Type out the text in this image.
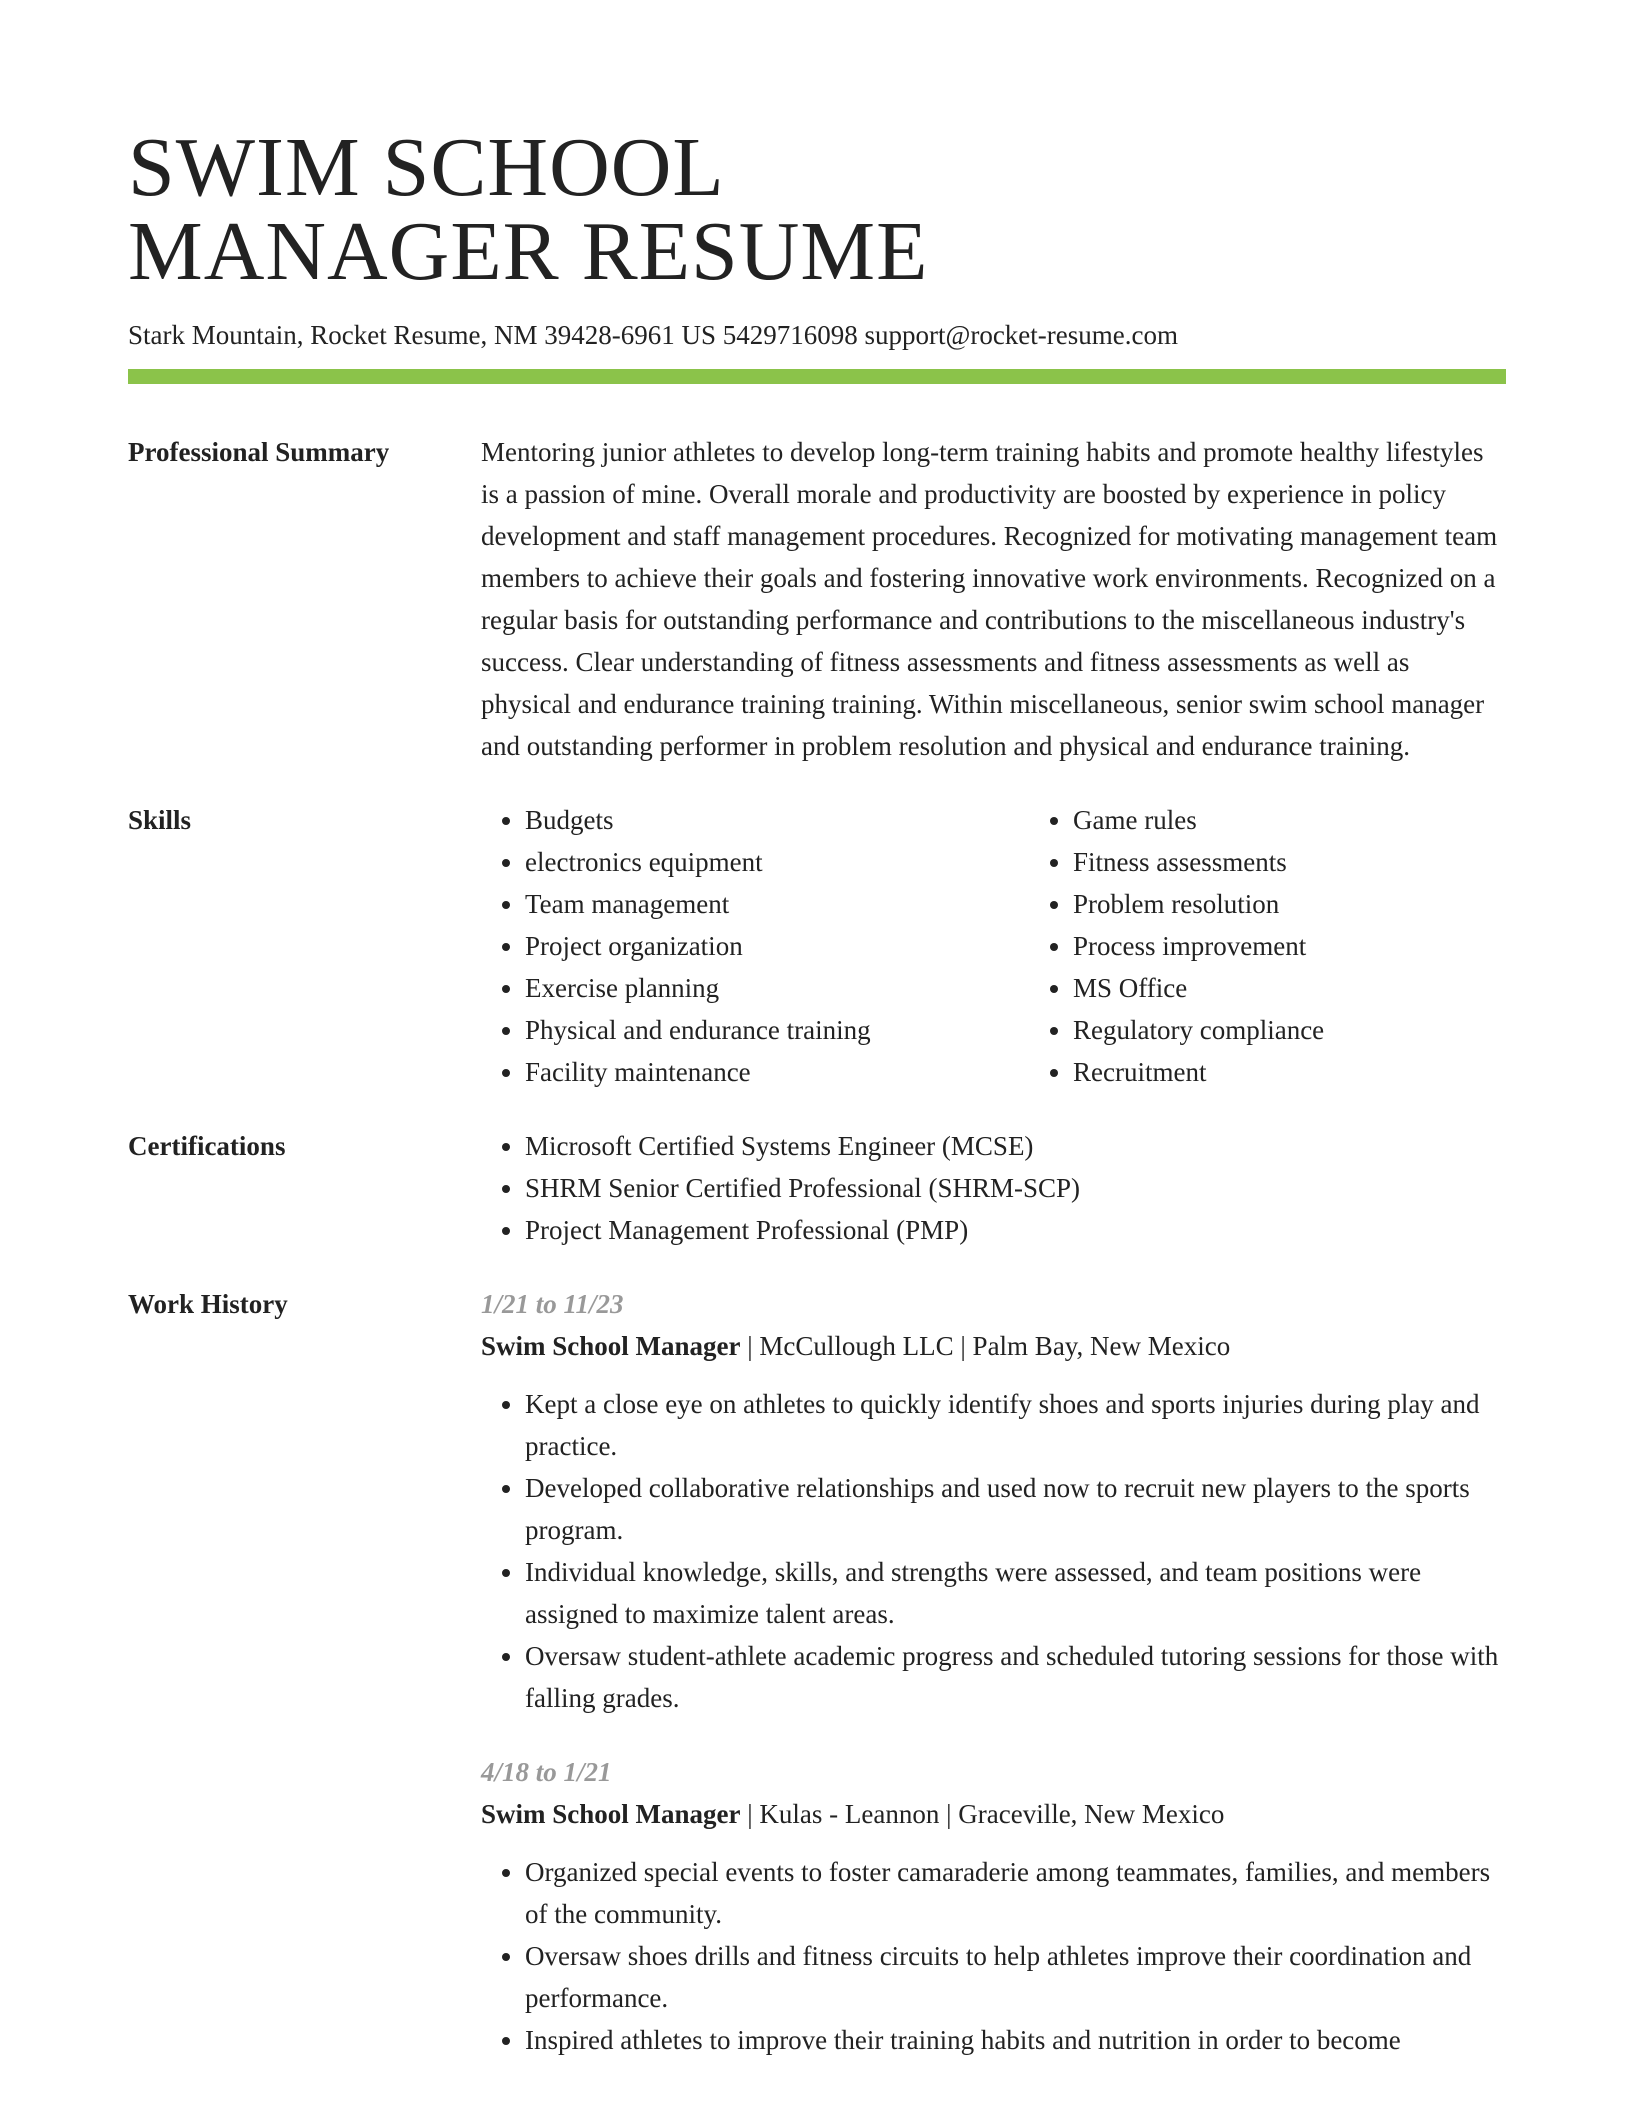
SWIM SCHOOL
MANAGER RESUME
Stark Mountain, Rocket Resume, NM 39428-6961 US 5429716098 support@rocket-resume.com
Professional Summary	Mentoring junior athletes to develop long-term training habits and promote healthy lifestyles is a passion of mine. Overall morale and productivity are boosted by experience in policy development and staff management procedures. Recognized for motivating management team members to achieve their goals and fostering innovative work environments. Recognized on a regular basis for outstanding performance and contributions to the miscellaneous industry's success. Clear understanding of fitness assessments and fitness assessments as well as physical and endurance training training. Within miscellaneous, senior swim school manager and outstanding performer in problem resolution and physical and endurance training.

Skills	• Budgets
• electronics equipment
• Team management
• Project organization
• Exercise planning
• Physical and endurance training
• Facility maintenance
• Game rules
• Fitness assessments
• Problem resolution
• Process improvement
• MS Office
• Regulatory compliance
• Recruitment
Certifications	• Microsoft Certified Systems Engineer (MCSE)
• SHRM Senior Certified Professional (SHRM-SCP)
• Project Management Professional (PMP)
Work History	1/21 to 11/23
Swim School Manager | McCullough LLC | Palm Bay, New Mexico
• Kept a close eye on athletes to quickly identify shoes and sports injuries during play and practice.
• Developed collaborative relationships and used now to recruit new players to the sports program.
• Individual knowledge, skills, and strengths were assessed, and team positions were assigned to maximize talent areas.
• Oversaw student-athlete academic progress and scheduled tutoring sessions for those with falling grades.
4/18 to 1/21
Swim School Manager | Kulas - Leannon | Graceville, New Mexico
• Organized special events to foster camaraderie among teammates, families, and members of the community.
• Oversaw shoes drills and fitness circuits to help athletes improve their coordination and performance.
• Inspired athletes to improve their training habits and nutrition in order to become
